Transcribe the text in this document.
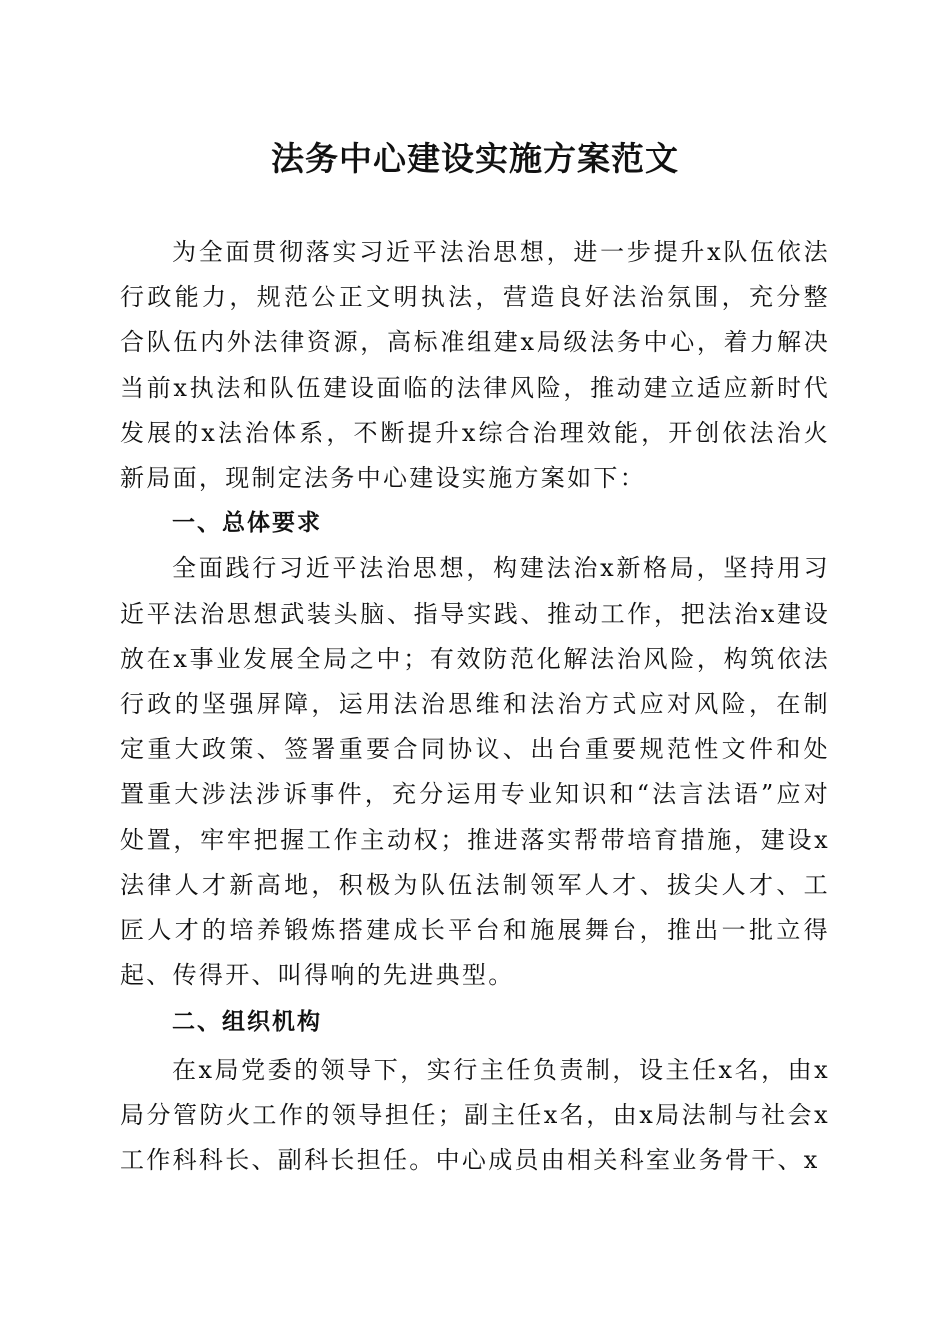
法务中心建设实施方案范文

为全面贯彻落实习近平法治思想，进一步提升x队伍依法行政能力，规范公正文明执法，营造良好法治氛围，充分整合队伍内外法律资源，高标准组建x局级法务中心，着力解决当前x执法和队伍建设面临的法律风险，推动建立适应新时代发展的x法治体系，不断提升x综合治理效能，开创依法治火新局面，现制定法务中心建设实施方案如下：

一、总体要求

全面践行习近平法治思想，构建法治x新格局，坚持用习近平法治思想武装头脑、指导实践、推动工作，把法治x建设放在x事业发展全局之中；有效防范化解法治风险，构筑依法行政的坚强屏障，运用法治思维和法治方式应对风险，在制定重大政策、签署重要合同协议、出台重要规范性文件和处置重大涉法涉诉事件，充分运用专业知识和“法言法语”应对处置，牢牢把握工作主动权；推进落实帮带培育措施，建设x法律人才新高地，积极为队伍法制领军人才、拔尖人才、工匠人才的培养锻炼搭建成长平台和施展舞台，推出一批立得起、传得开、叫得响的先进典型。

二、组织机构

在x局党委的领导下，实行主任负责制，设主任x名，由x局分管防火工作的领导担任；副主任x名，由x局法制与社会x工作科科长、副科长担任。中心成员由相关科室业务骨干、x
